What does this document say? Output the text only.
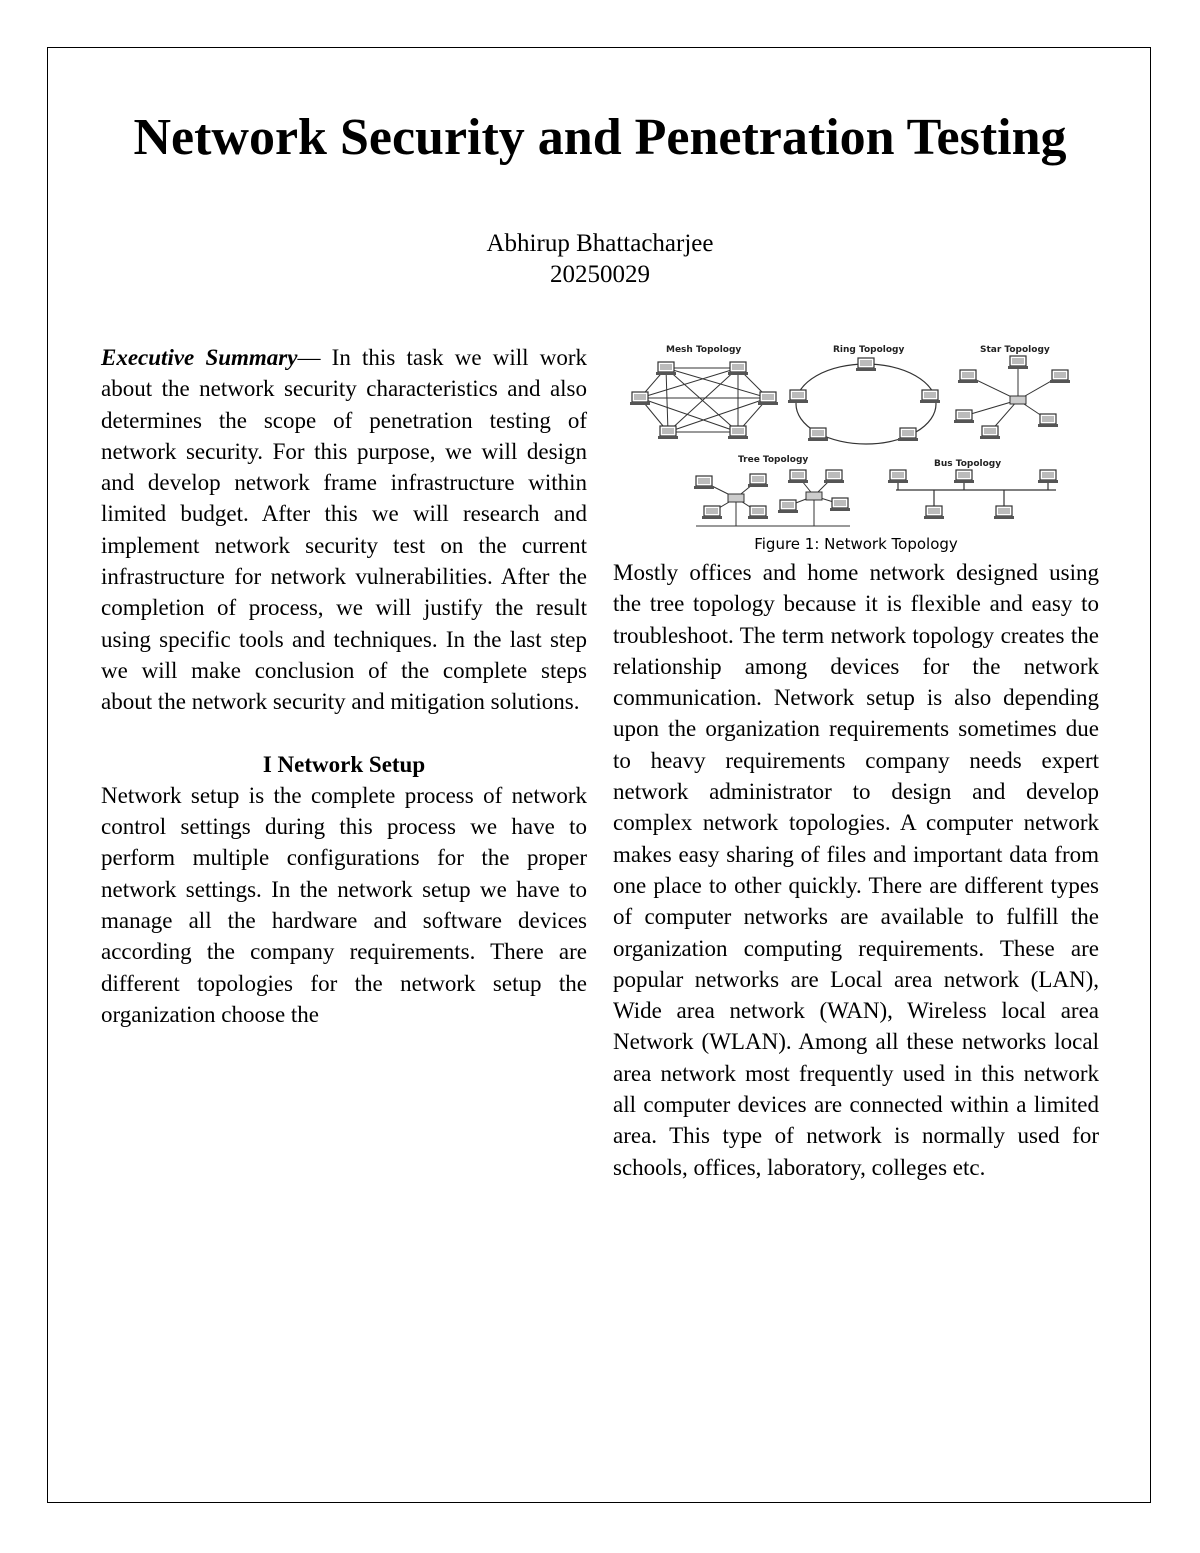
Network Security and Penetration Testing
Abhirup Bhattacharjee
20250029

Executive Summary— In this task we will work about the network security characteristics and also determines the scope of penetration testing of network security. For this purpose, we will design and develop network frame infrastructure within limited budget. After this we will research and implement network security test on the current infrastructure for network vulnerabilities. After the completion of process, we will justify the result using specific tools and techniques. In the last step we will make conclusion of the complete steps about the network security and mitigation solutions.

I Network Setup

Network setup is the complete process of network control settings during this process we have to perform multiple configurations for the proper network settings. In the network setup we have to manage all the hardware and software devices according the company requirements. There are different topologies for the network setup the organization choose the

Mesh Topology	Ring Topology	Star Topology
Tree Topology	Bus Topology
Figure 1: Network Topology

Mostly offices and home network designed using the tree topology because it is flexible and easy to troubleshoot. The term network topology creates the relationship among devices for the network communication. Network setup is also depending upon the organization requirements sometimes due to heavy requirements company needs expert network administrator to design and develop complex network topologies. A computer network makes easy sharing of files and important data from one place to other quickly. There are different types of computer networks are available to fulfill the organization computing requirements. These are popular networks are Local area network (LAN), Wide area network (WAN), Wireless local area Network (WLAN). Among all these networks local area network most frequently used in this network all computer devices are connected within a limited area. This type of network is normally used for schools, offices, laboratory, colleges etc.
